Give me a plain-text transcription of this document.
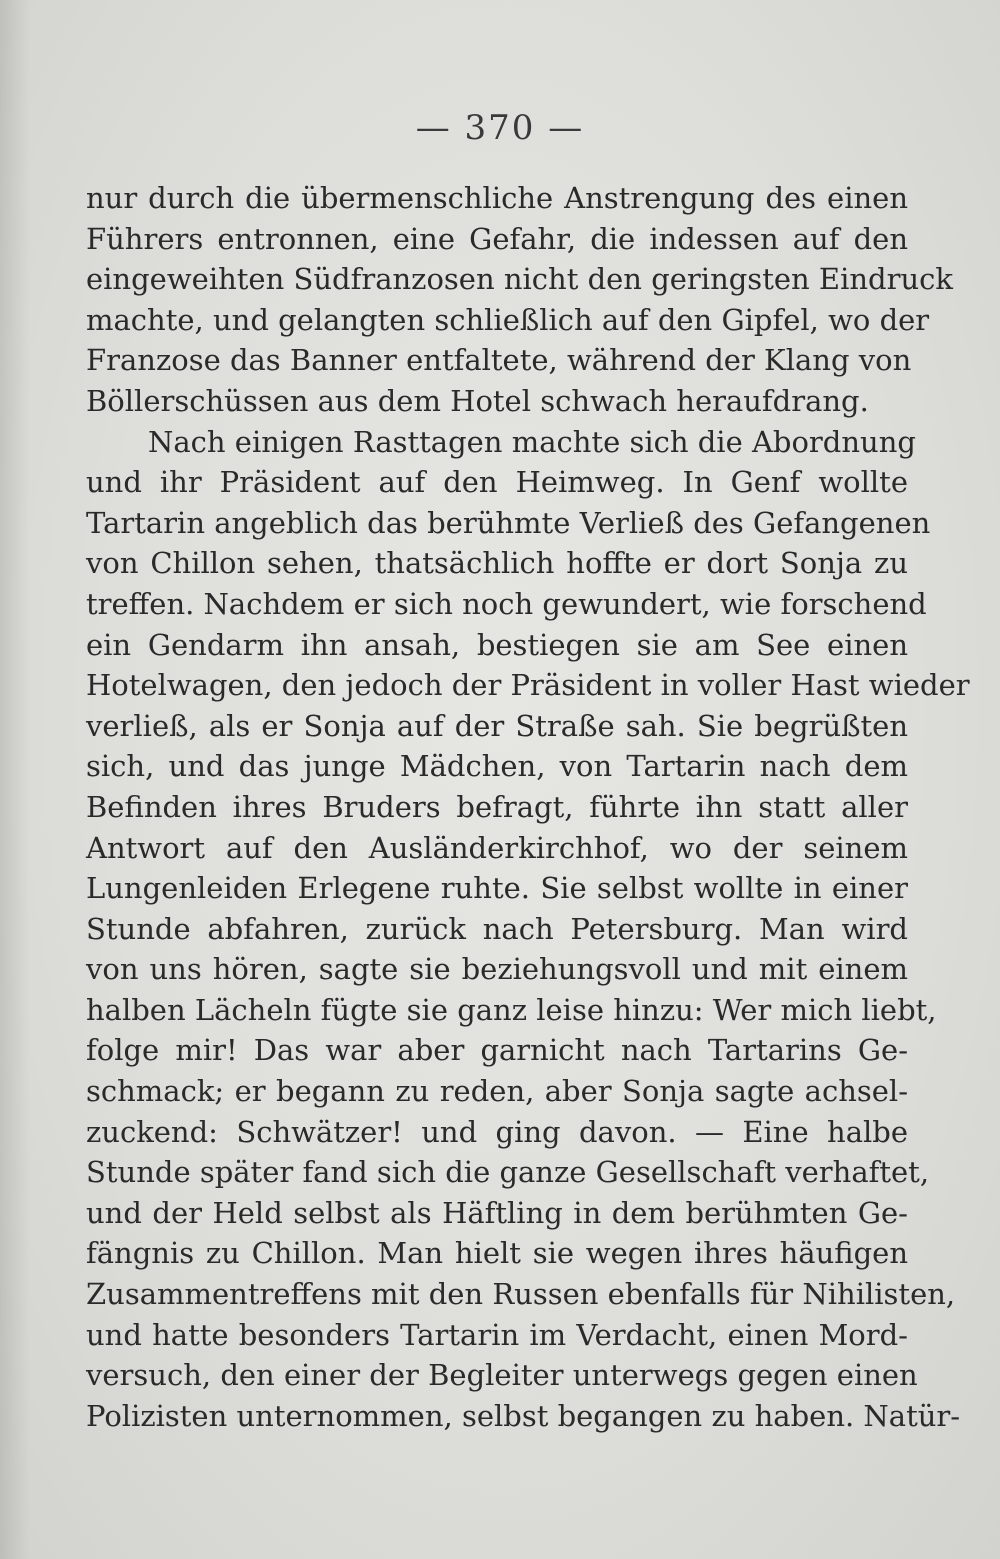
— 370 —
nur durch die übermenschliche Anstrengung des einen
Führers entronnen, eine Gefahr, die indessen auf den
eingeweihten Südfranzosen nicht den geringsten Eindruck
machte, und gelangten schließlich auf den Gipfel, wo der
Franzose das Banner entfaltete, während der Klang von
Böllerschüssen aus dem Hotel schwach heraufdrang.
Nach einigen Rasttagen machte sich die Abordnung
und ihr Präsident auf den Heimweg. In Genf wollte
Tartarin angeblich das berühmte Verließ des Gefangenen
von Chillon sehen, thatsächlich hoffte er dort Sonja zu
treffen. Nachdem er sich noch gewundert, wie forschend
ein Gendarm ihn ansah, bestiegen sie am See einen
Hotelwagen, den jedoch der Präsident in voller Hast wieder
verließ, als er Sonja auf der Straße sah. Sie begrüßten
sich, und das junge Mädchen, von Tartarin nach dem
Befinden ihres Bruders befragt, führte ihn statt aller
Antwort auf den Ausländerkirchhof, wo der seinem
Lungenleiden Erlegene ruhte. Sie selbst wollte in einer
Stunde abfahren, zurück nach Petersburg. Man wird
von uns hören, sagte sie beziehungsvoll und mit einem
halben Lächeln fügte sie ganz leise hinzu: Wer mich liebt,
folge mir! Das war aber garnicht nach Tartarins Ge-
schmack; er begann zu reden, aber Sonja sagte achsel-
zuckend: Schwätzer! und ging davon. — Eine halbe
Stunde später fand sich die ganze Gesellschaft verhaftet,
und der Held selbst als Häftling in dem berühmten Ge-
fängnis zu Chillon. Man hielt sie wegen ihres häufigen
Zusammentreffens mit den Russen ebenfalls für Nihilisten,
und hatte besonders Tartarin im Verdacht, einen Mord-
versuch, den einer der Begleiter unterwegs gegen einen
Polizisten unternommen, selbst begangen zu haben. Natür-
